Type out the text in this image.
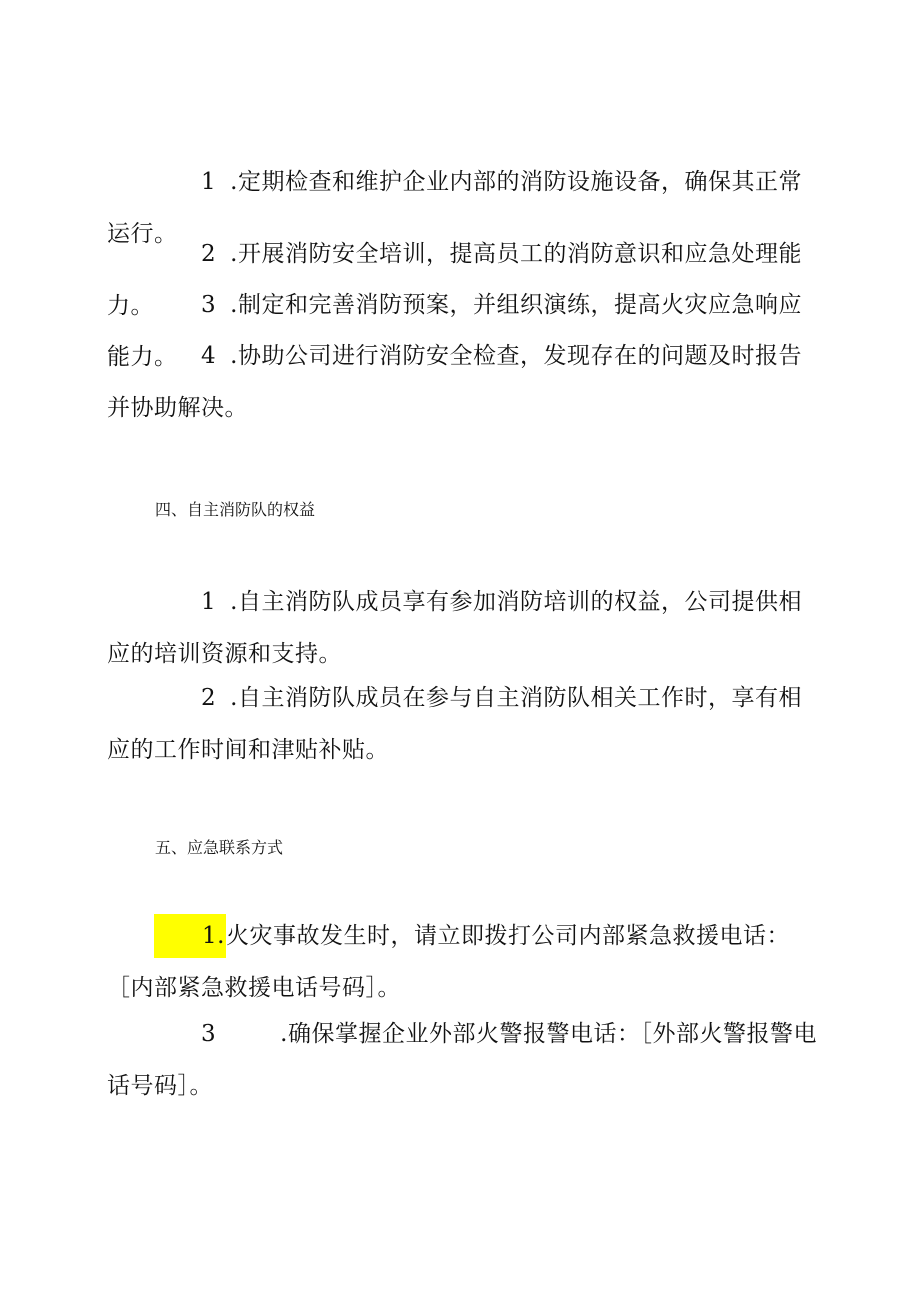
1 .定期检查和维护企业内部的消防设施设备，确保其正常运行。

2 .开展消防安全培训，提高员工的消防意识和应急处理能力。	3 .制定和完善消防预案，并组织演练，提高火灾应急响应能力。	4 .协助公司进行消防安全检查，发现存在的问题及时报告并协助解决。

四、自主消防队的权益

1 .自主消防队成员享有参加消防培训的权益，公司提供相应的培训资源和支持。

2 .自主消防队成员在参与自主消防队相关工作时，享有相应的工作时间和津贴补贴。

五、应急联系方式

1.火灾事故发生时，请立即拨打公司内部紧急救援电话：［内部紧急救援电话号码］。

3	.确保掌握企业外部火警报警电话：［外部火警报警电话号码］。
